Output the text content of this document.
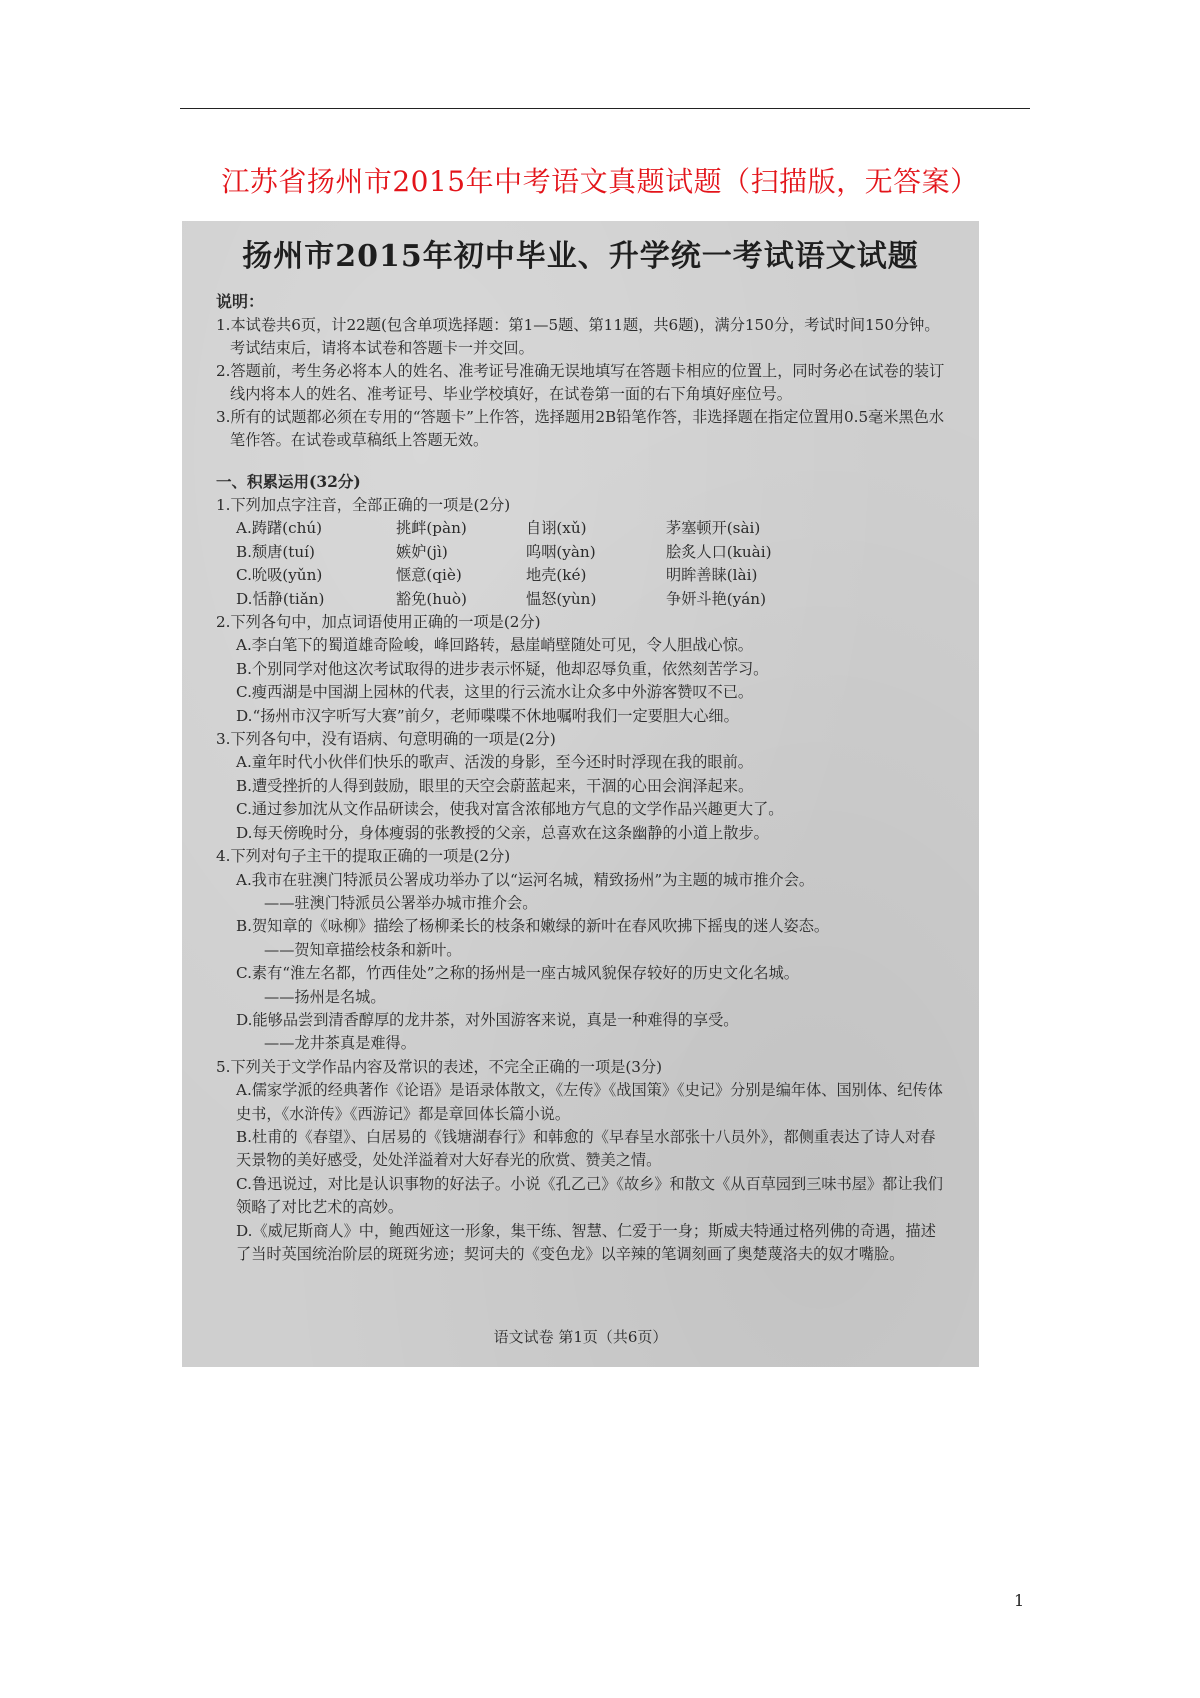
江苏省扬州市2015年中考语文真题试题（扫描版，无答案）
扬州市2015年初中毕业、升学统一考试语文试题
说明：
1.本试卷共6页，计22题(包含单项选择题：第1—5题、第11题，共6题)，满分150分，考试时间150分钟。考试结束后，请将本试卷和答题卡一并交回。
2.答题前，考生务必将本人的姓名、准考证号准确无误地填写在答题卡相应的位置上，同时务必在试卷的装订线内将本人的姓名、准考证号、毕业学校填好，在试卷第一面的右下角填好座位号。
3.所有的试题都必须在专用的“答题卡”上作答，选择题用2B铅笔作答，非选择题在指定位置用0.5毫米黑色水笔作答。在试卷或草稿纸上答题无效。
一、积累运用(32分)
1.下列加点字注音，全部正确的一项是(2分)
A.踌躇(chú)	挑衅(pàn)	自诩(xǔ)	茅塞顿开(sài)
B.颓唐(tuí)	嫉妒(jì)	呜咽(yàn)	脍炙人口(kuài)
C.吮吸(yǔn)	惬意(qiè)	地壳(ké)	明眸善睐(lài)
D.恬静(tiǎn)	豁免(huò)	愠怒(yùn)	争妍斗艳(yán)
2.下列各句中，加点词语使用正确的一项是(2分)
A.李白笔下的蜀道雄奇险峻，峰回路转，悬崖峭壁随处可见，令人胆战心惊。
B.个别同学对他这次考试取得的进步表示怀疑，他却忍辱负重，依然刻苦学习。
C.瘦西湖是中国湖上园林的代表，这里的行云流水让众多中外游客赞叹不已。
D.“扬州市汉字听写大赛”前夕，老师喋喋不休地嘱咐我们一定要胆大心细。
3.下列各句中，没有语病、句意明确的一项是(2分)
A.童年时代小伙伴们快乐的歌声、活泼的身影，至今还时时浮现在我的眼前。
B.遭受挫折的人得到鼓励，眼里的天空会蔚蓝起来，干涸的心田会润泽起来。
C.通过参加沈从文作品研读会，使我对富含浓郁地方气息的文学作品兴趣更大了。
D.每天傍晚时分，身体瘦弱的张教授的父亲，总喜欢在这条幽静的小道上散步。
4.下列对句子主干的提取正确的一项是(2分)
A.我市在驻澳门特派员公署成功举办了以“运河名城，精致扬州”为主题的城市推介会。
——驻澳门特派员公署举办城市推介会。
B.贺知章的《咏柳》描绘了杨柳柔长的枝条和嫩绿的新叶在春风吹拂下摇曳的迷人姿态。
——贺知章描绘枝条和新叶。
C.素有“淮左名都，竹西佳处”之称的扬州是一座古城风貌保存较好的历史文化名城。
——扬州是名城。
D.能够品尝到清香醇厚的龙井茶，对外国游客来说，真是一种难得的享受。
——龙井茶真是难得。
5.下列关于文学作品内容及常识的表述，不完全正确的一项是(3分)
A.儒家学派的经典著作《论语》是语录体散文，《左传》《战国策》《史记》分别是编年体、国别体、纪传体史书，《水浒传》《西游记》都是章回体长篇小说。
B.杜甫的《春望》、白居易的《钱塘湖春行》和韩愈的《早春呈水部张十八员外》，都侧重表达了诗人对春天景物的美好感受，处处洋溢着对大好春光的欣赏、赞美之情。
C.鲁迅说过，对比是认识事物的好法子。小说《孔乙己》《故乡》和散文《从百草园到三味书屋》都让我们领略了对比艺术的高妙。
D.《威尼斯商人》中，鲍西娅这一形象，集干练、智慧、仁爱于一身；斯威夫特通过格列佛的奇遇，描述了当时英国统治阶层的斑斑劣迹；契诃夫的《变色龙》以辛辣的笔调刻画了奥楚蔑洛夫的奴才嘴脸。
语文试卷 第1页（共6页）
1
